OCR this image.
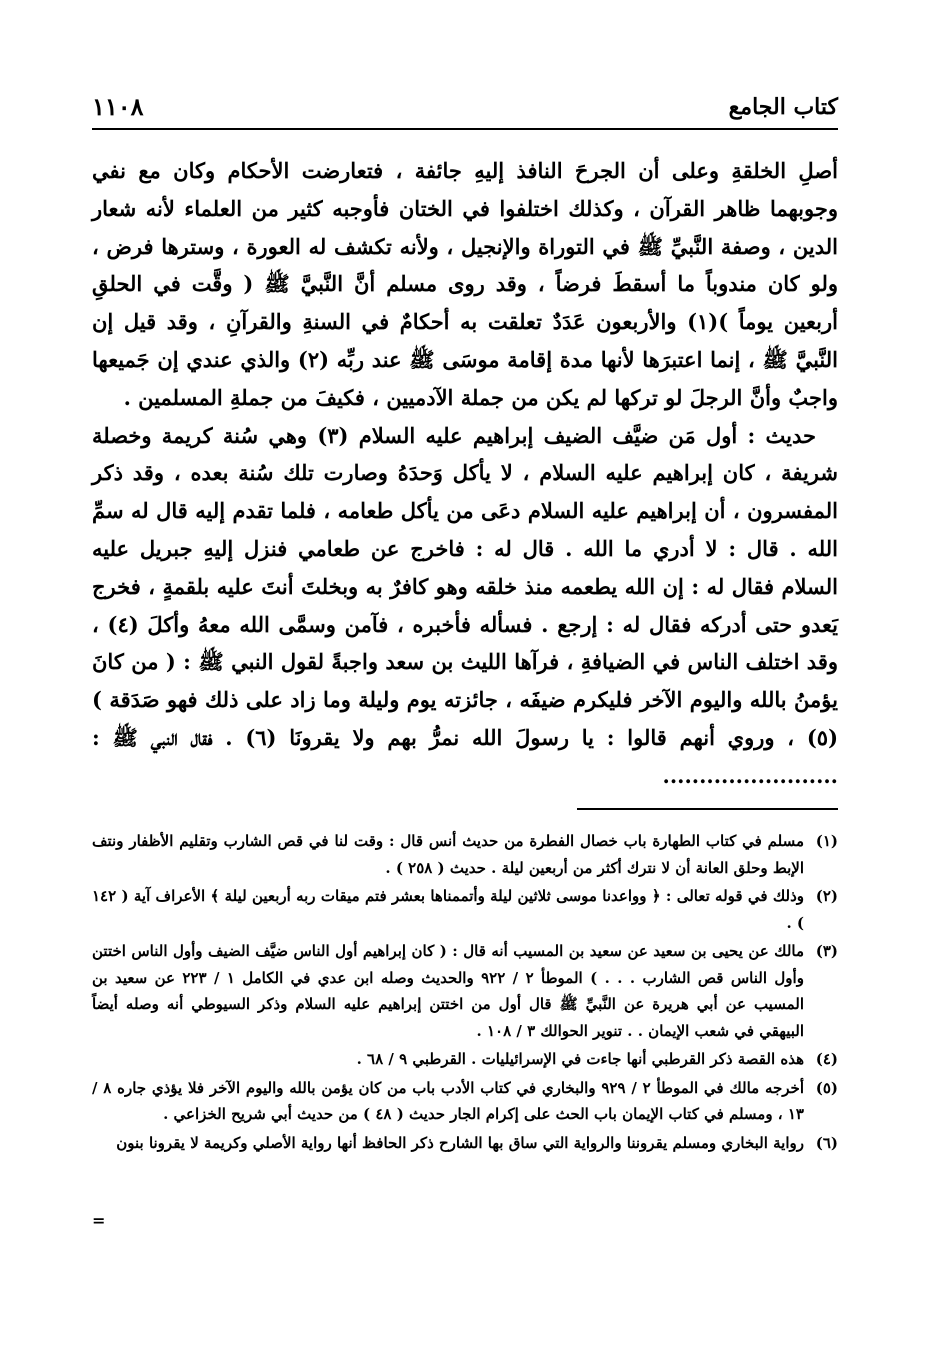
كتاب الجامع
١١٠٨

أصلِ الخلقةِ وعلى أن الجرحَ النافذ إليهِ جائفة ، فتعارضت الأحكام وكان مع نفي وجوبهما ظاهر القرآن ، وكذلك اختلفوا في الختان فأوجبه كثير من العلماء لأنه شعار الدين ، وصفة النَّبيِّ ﷺ في التوراة والإنجيل ، ولأنه تكشف له العورة ، وسترها فرض ، ولو كان مندوباً ما أسقطَ فرضاً ، وقد روى مسلم أنَّ النَّبيَّ ﷺ ( وقَّت في الحلقِ أربعين يوماً )(١) والأربعون عَدَدٌ تعلقت به أحكامٌ في السنةِ والقرآنِ ، وقد قيل إن النَّبيَّ ﷺ ، إنما اعتبرَها لأنها مدة إقامة موسَى ﷺ عند ربِّه (٢) والذي عندي إن جَميعها واجبٌ وأنَّ الرجلَ لو تركها لم يكن من جملة الآدميين ، فكيفَ من جملةِ المسلمين .

حديث : أول مَن ضيَّف الضيف إبراهيم عليه السلام (٣) وهي سُنة كريمة وخصلة شريفة ، كان إبراهيم عليه السلام ، لا يأكل وَحدَهُ وصارت تلك سُنة بعده ، وقد ذكر المفسرون ، أن إبراهيم عليه السلام دعَى من يأكل طعامه ، فلما تقدم إليه قال له سمِّ الله . قال : لا أدري ما الله . قال له : فاخرج عن طعامي فنزل إليهِ جبريل عليه السلام فقال له : إن الله يطعمه منذ خلقه وهو كافرٌ به وبخلتَ أنتَ عليه بلقمةٍ ، فخرج يَعدو حتى أدركه فقال له : إرجع . فسأله فأخبره ، فآمن وسمَّى الله معهُ وأكلَ (٤) ، وقد اختلف الناس في الضيافةِ ، فرآها الليث بن سعد واجبةً لقول النبي ﷺ : ( من كانَ يؤمنُ بالله واليوم الآخر فليكرم ضيفَه ، جائزته يوم وليلة وما زاد على ذلك فهو صَدَقة ) (٥) ، وروي أنهم قالوا : يا رسولَ الله نمرُّ بهم ولا يقرونَا (٦) . فقال النبي ﷺ : ........................

(١)
مسلم في كتاب الطهارة باب خصال الفطرة من حديث أنس قال : وقت لنا في قص الشارب وتقليم الأظفار ونتف الإبط وحلق العانة أن لا نترك أكثر من أربعين ليلة . حديث ( ٢٥٨ ) .
(٢)
وذلك في قوله تعالى : ﴿ وواعدنا موسى ثلاثين ليلة وأتممناها بعشر فتم ميقات ربه أربعين ليلة ﴾ الأعراف آية ( ١٤٢ ) .
(٣)
مالك عن يحيى بن سعيد عن سعيد بن المسيب أنه قال : ( كان إبراهيم أول الناس ضيَّف الضيف وأول الناس اختتن وأول الناس قص الشارب . . . ) الموطأ ٢ / ٩٢٢ والحديث وصله ابن عدي في الكامل ١ / ٢٢٣ عن سعيد بن المسيب عن أبي هريرة عن النَّبيِّ ﷺ قال أول من اختتن إبراهيم عليه السلام وذكر السيوطي أنه وصله أيضاً البيهقي في شعب الإيمان . . تنوير الحوالك ٣ / ١٠٨ .
(٤)
هذه القصة ذكر القرطبي أنها جاءت في الإسرائيليات . القرطبي ٩ / ٦٨ .
(٥)
أخرجه مالك في الموطأ ٢ / ٩٢٩ والبخاري في كتاب الأدب باب من كان يؤمن بالله واليوم الآخر فلا يؤذي جاره ٨ / ١٣ ، ومسلم في كتاب الإيمان باب الحث على إكرام الجار حديث ( ٤٨ ) من حديث أبي شريح الخزاعي .
(٦)
رواية البخاري ومسلم يقروننا والرواية التي ساق بها الشارح ذكر الحافظ أنها رواية الأصلي وكريمة لا يقرونا بنون
=
